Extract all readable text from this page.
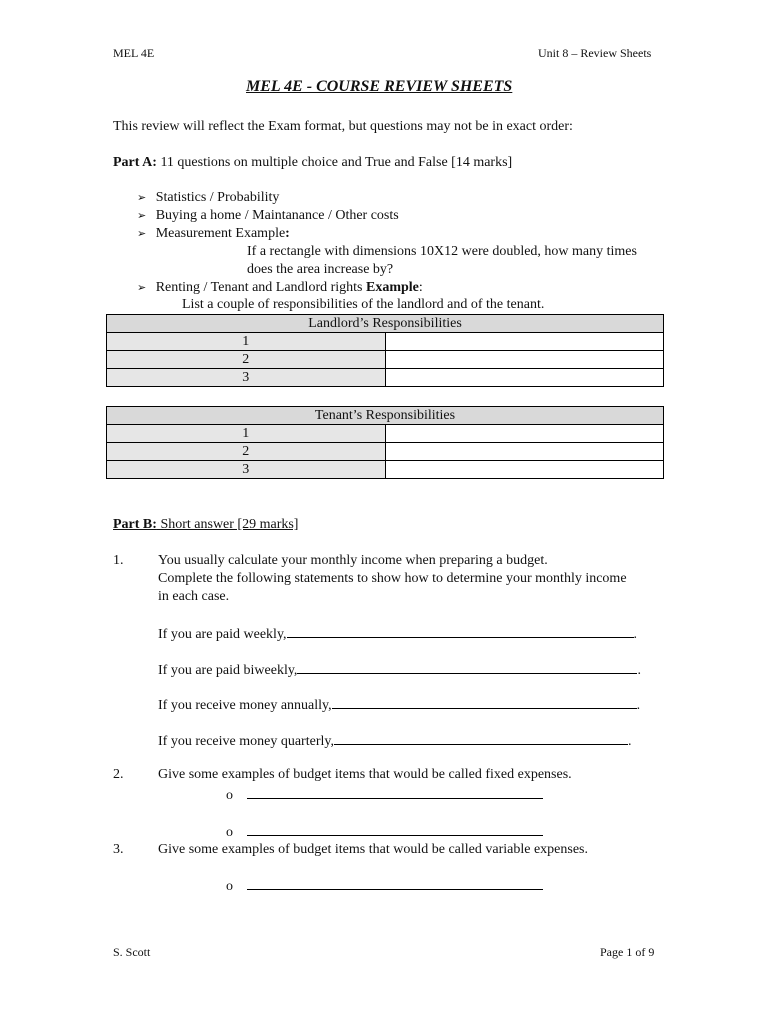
MEL 4E	Unit 8 – Review Sheets
MEL 4E - COURSE REVIEW SHEETS
This review will reflect the Exam format, but questions may not be in exact order:
Part A: 11 questions on multiple choice and True and False [14 marks]
➢ Statistics / Probability
➢ Buying a home / Maintanance / Other costs
➢ Measurement Example:
If a rectangle with dimensions 10X12 were doubled, how many times
does the area increase by?
➢ Renting / Tenant and Landlord rights Example:
List a couple of responsibilities of the landlord and of the tenant.
Landlord’s Responsibilities	
1	
2	
3	
Tenant’s Responsibilities	
1	
2	
3	
Part B: Short answer [29 marks]
1. You usually calculate your monthly income when preparing a budget.
Complete the following statements to show how to determine your monthly income
in each case.
If you are paid weekly,	.
If you are paid biweekly,	.
If you receive money annually,	.
If you receive money quarterly,	.
2. Give some examples of budget items that would be called fixed expenses.
o
o
3. Give some examples of budget items that would be called variable expenses.
o
S. Scott	Page 1 of 9
